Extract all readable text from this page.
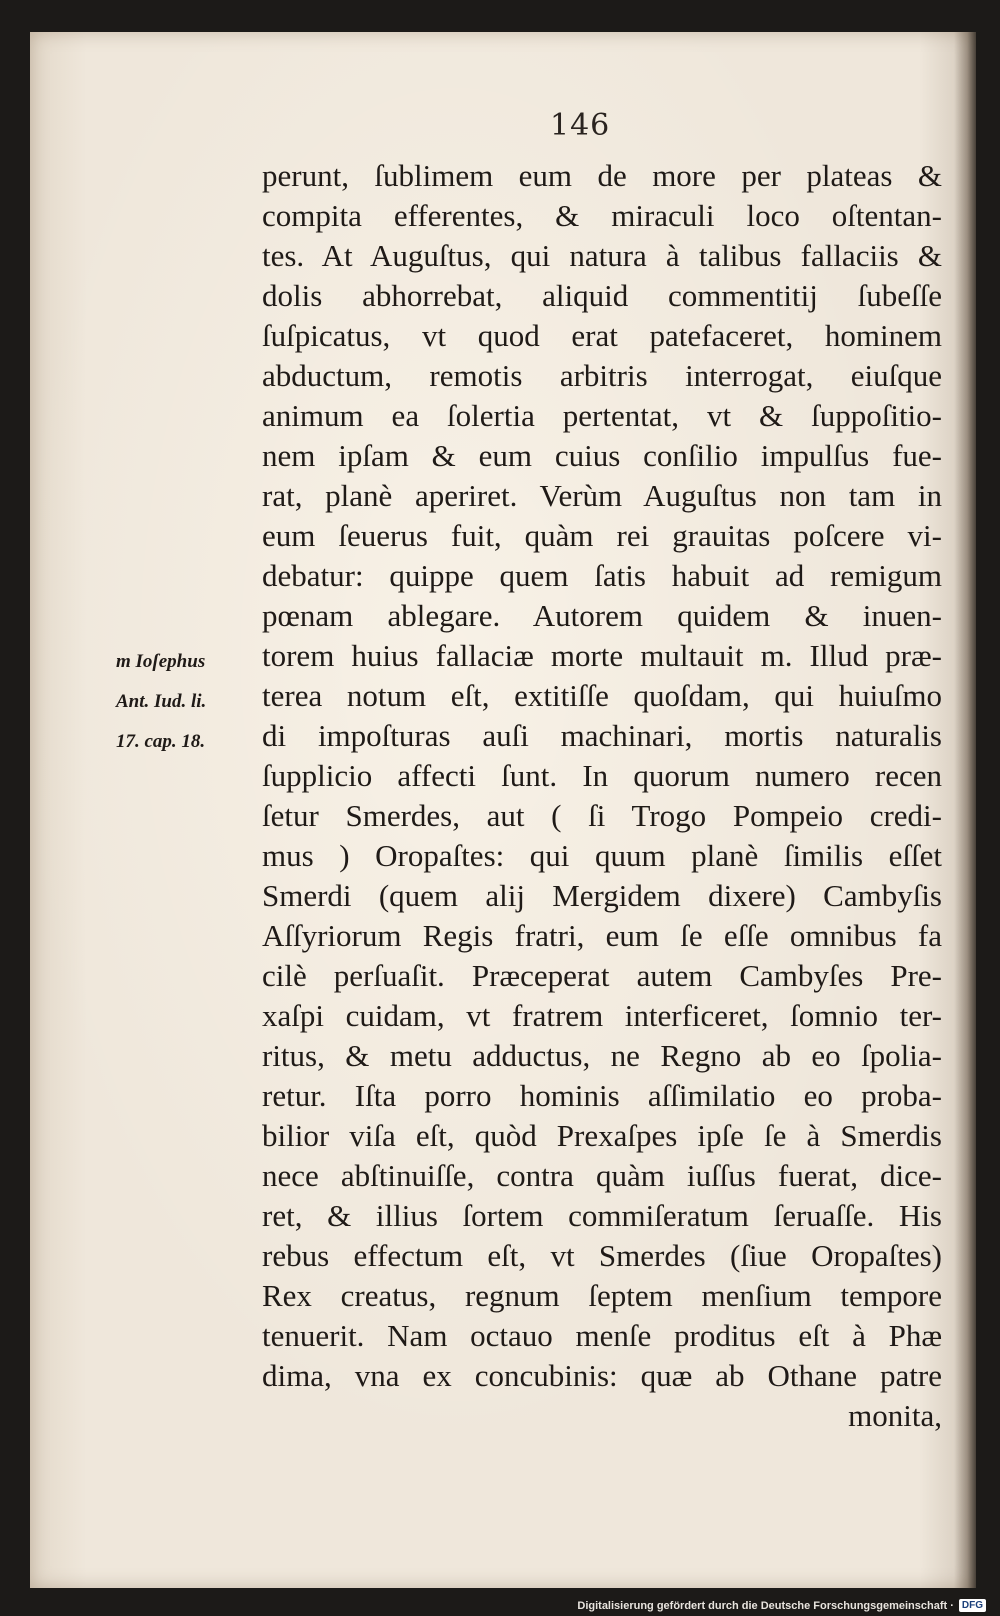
146
m Ioſephus
Ant. Iud. li.
17. cap. 18.
perunt, ſublimem eum de more per plateas &
compita efferentes, & miraculi loco oſtentan-
tes. At Auguſtus, qui natura à talibus fallaciis &
dolis abhorrebat, aliquid commentitij ſubeſſe
ſuſpicatus, vt quod erat patefaceret, hominem
abductum, remotis arbitris interrogat, eiuſque
animum ea ſolertia pertentat, vt & ſuppoſitio-
nem ipſam & eum cuius conſilio impulſus fue-
rat, planè aperiret. Verùm Auguſtus non tam in
eum ſeuerus fuit, quàm rei grauitas poſcere vi-
debatur: quippe quem ſatis habuit ad remigum
pœnam ablegare. Autorem quidem & inuen-
torem huius fallaciæ morte multauit m. Illud præ-
terea notum eſt, extitiſſe quoſdam, qui huiuſmo
di impoſturas auſi machinari, mortis naturalis
ſupplicio affecti ſunt. In quorum numero recen
ſetur Smerdes, aut ( ſi Trogo Pompeio credi-
mus ) Oropaſtes: qui quum planè ſimilis eſſet
Smerdi (quem alij Mergidem dixere) Cambyſis
Aſſyriorum Regis fratri, eum ſe eſſe omnibus fa
cilè perſuaſit. Præceperat autem Cambyſes Pre-
xaſpi cuidam, vt fratrem interficeret, ſomnio ter-
ritus, & metu adductus, ne Regno ab eo ſpolia-
retur. Iſta porro hominis aſſimilatio eo proba-
bilior viſa eſt, quòd Prexaſpes ipſe ſe à Smerdis
nece abſtinuiſſe, contra quàm iuſſus fuerat, dice-
ret, & illius ſortem commiſeratum ſeruaſſe. His
rebus effectum eſt, vt Smerdes (ſiue Oropaſtes)
Rex creatus, regnum ſeptem menſium tempore
tenuerit. Nam octauo menſe proditus eſt à Phæ
dima, vna ex concubinis: quæ ab Othane patre
monita,
Digitalisierung gefördert durch die Deutsche Forschungsgemeinschaft · DFG
